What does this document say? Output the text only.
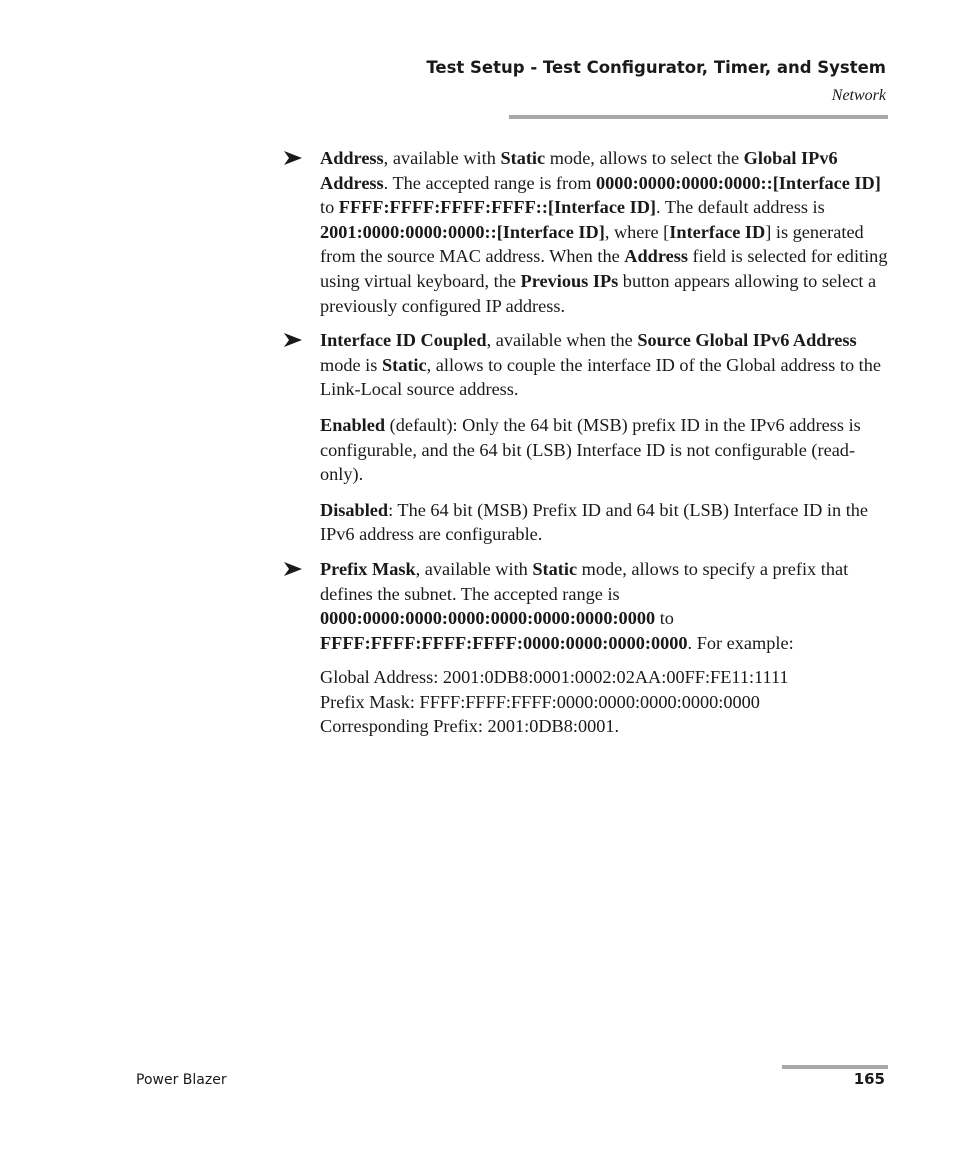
Test Setup - Test Configurator, Timer, and System
Network

Address, available with Static mode, allows to select the Global IPv6 Address. The accepted range is from 0000:0000:0000:0000::[Interface ID] to FFFF:FFFF:FFFF:FFFF::[Interface ID]. The default address is 2001:0000:0000:0000::[Interface ID], where [Interface ID] is generated from the source MAC address. When the Address field is selected for editing using virtual keyboard, the Previous IPs button appears allowing to select a previously configured IP address.

Interface ID Coupled, available when the Source Global IPv6 Address mode is Static, allows to couple the interface ID of the Global address to the Link-Local source address.

Enabled (default): Only the 64 bit (MSB) prefix ID in the IPv6 address is configurable, and the 64 bit (LSB) Interface ID is not configurable (read-only).

Disabled: The 64 bit (MSB) Prefix ID and 64 bit (LSB) Interface ID in the IPv6 address are configurable.

Prefix Mask, available with Static mode, allows to specify a prefix that defines the subnet. The accepted range is 0000:0000:0000:0000:0000:0000:0000:0000 to FFFF:FFFF:FFFF:FFFF:0000:0000:0000:0000. For example:

Global Address: 2001:0DB8:0001:0002:02AA:00FF:FE11:1111
Prefix Mask: FFFF:FFFF:FFFF:0000:0000:0000:0000:0000
Corresponding Prefix: 2001:0DB8:0001.
Power Blazer	165
